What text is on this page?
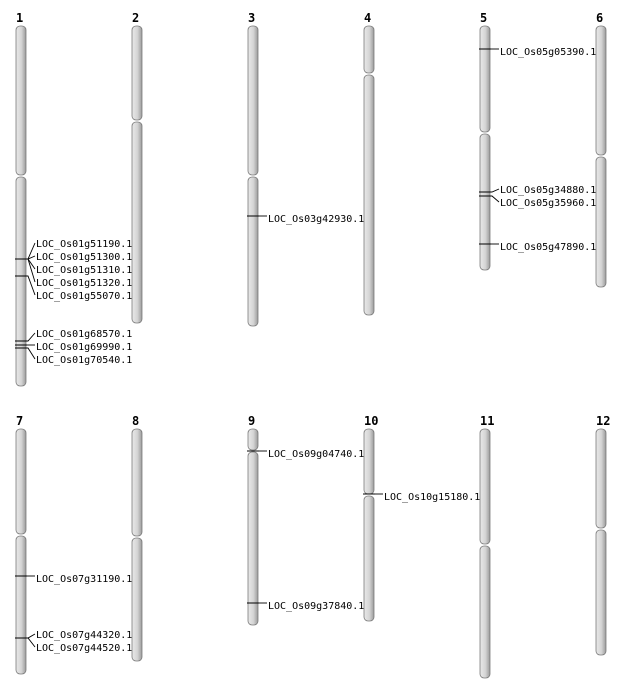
1
LOC_Os01g51190.1
LOC_Os01g51300.1
LOC_Os01g51310.1
LOC_Os01g51320.1
LOC_Os01g55070.1
LOC_Os01g68570.1
LOC_Os01g69990.1
LOC_Os01g70540.1
2	3
LOC_Os03g42930.1
4	5
LOC_Os05g05390.1
LOC_Os05g34880.1
LOC_Os05g35960.1
LOC_Os05g47890.1
6
7
LOC_Os07g31190.1
LOC_Os07g44320.1
LOC_Os07g44520.1
8	9
LOC_Os09g04740.1
LOC_Os09g37840.1
10
LOC_Os10g15180.1
11	12
